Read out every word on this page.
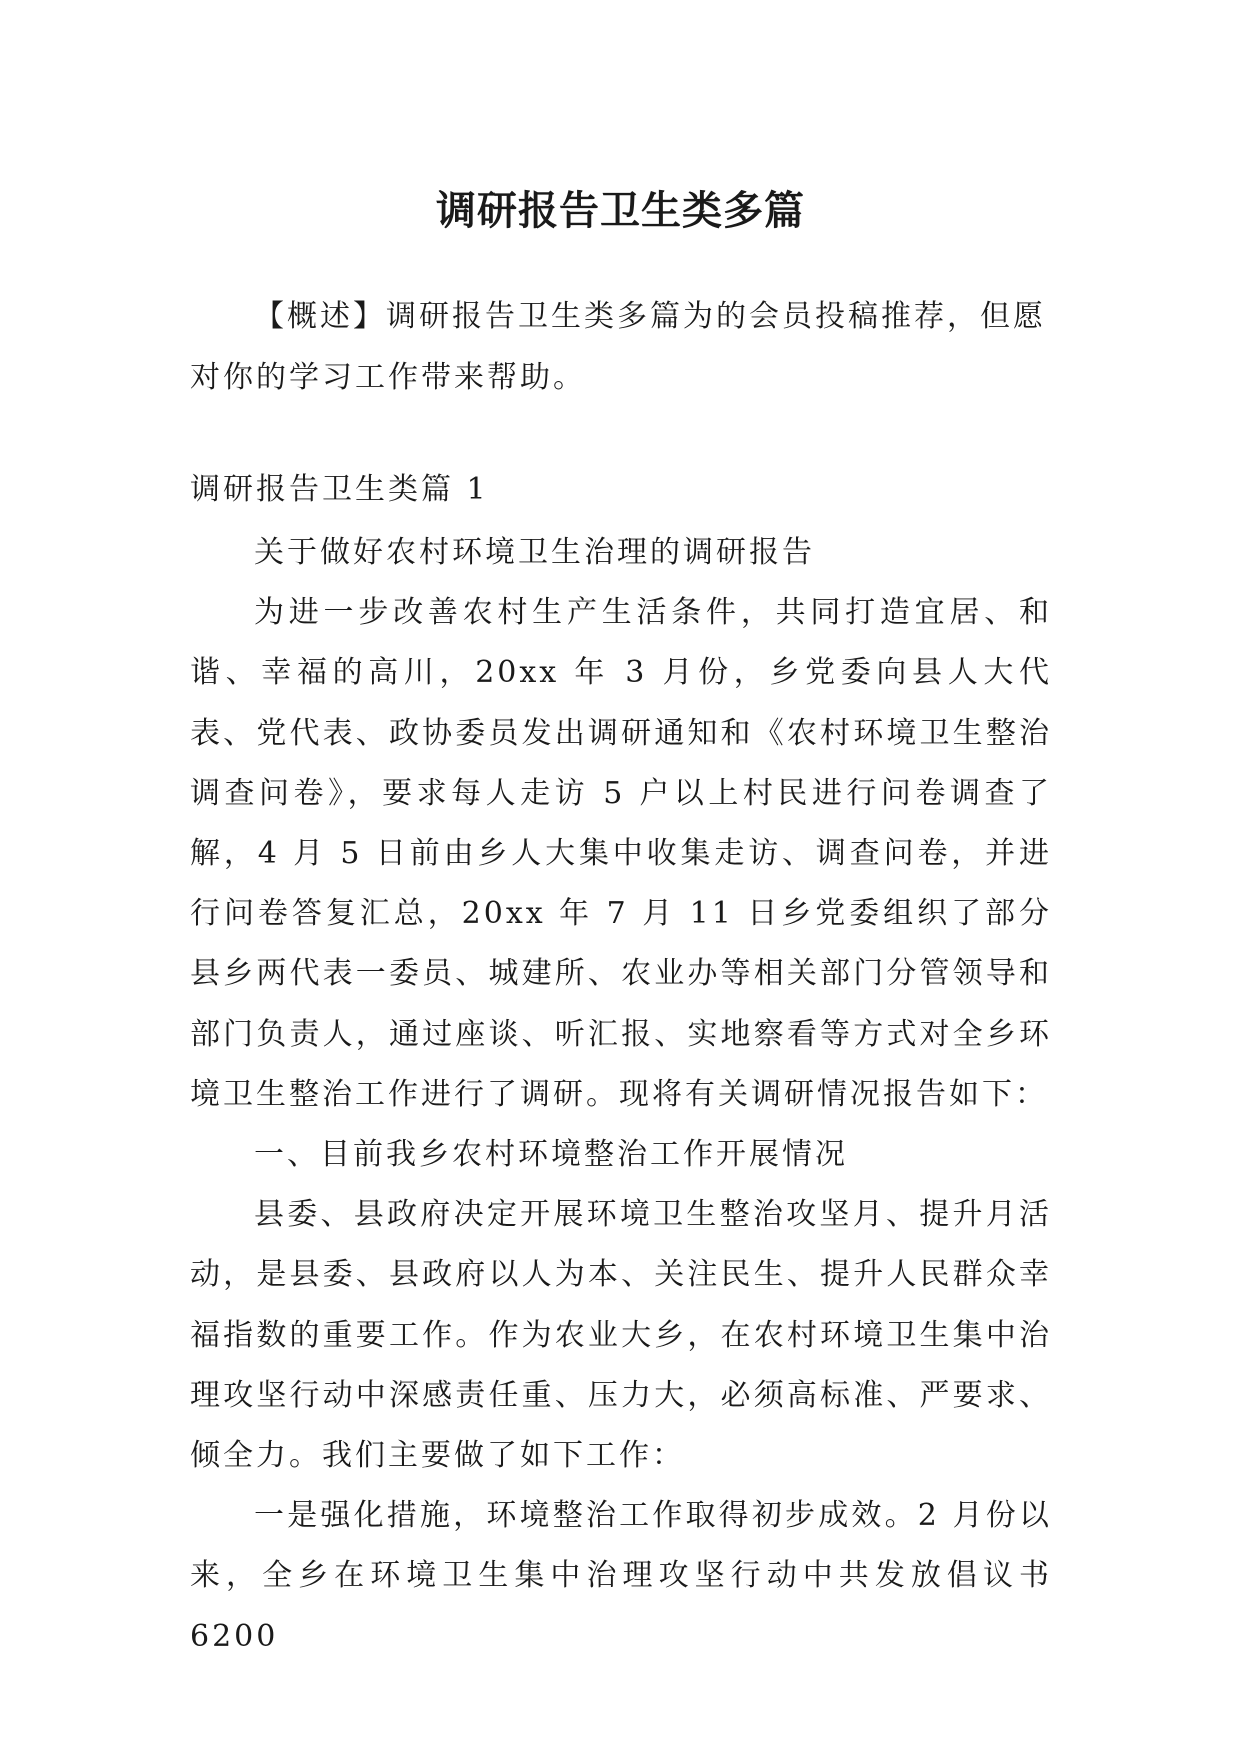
调研报告卫生类多篇

【概述】调研报告卫生类多篇为的会员投稿推荐，但愿对你的学习工作带来帮助。

调研报告卫生类篇 1

关于做好农村环境卫生治理的调研报告

为进一步改善农村生产生活条件，共同打造宜居、和谐、幸福的高川，20xx 年 3 月份，乡党委向县人大代表、党代表、政协委员发出调研通知和《农村环境卫生整治调查问卷》，要求每人走访 5 户以上村民进行问卷调查了解，4 月 5 日前由乡人大集中收集走访、调查问卷，并进行问卷答复汇总，20xx 年 7 月 11 日乡党委组织了部分县乡两代表一委员、城建所、农业办等相关部门分管领导和部门负责人，通过座谈、听汇报、实地察看等方式对全乡环境卫生整治工作进行了调研。现将有关调研情况报告如下：

一、目前我乡农村环境整治工作开展情况

县委、县政府决定开展环境卫生整治攻坚月、提升月活动，是县委、县政府以人为本、关注民生、提升人民群众幸福指数的重要工作。作为农业大乡，在农村环境卫生集中治理攻坚行动中深感责任重、压力大，必须高标准、严要求、倾全力。我们主要做了如下工作：

一是强化措施，环境整治工作取得初步成效。2 月份以来，全乡在环境卫生集中治理攻坚行动中共发放倡议书 6200
